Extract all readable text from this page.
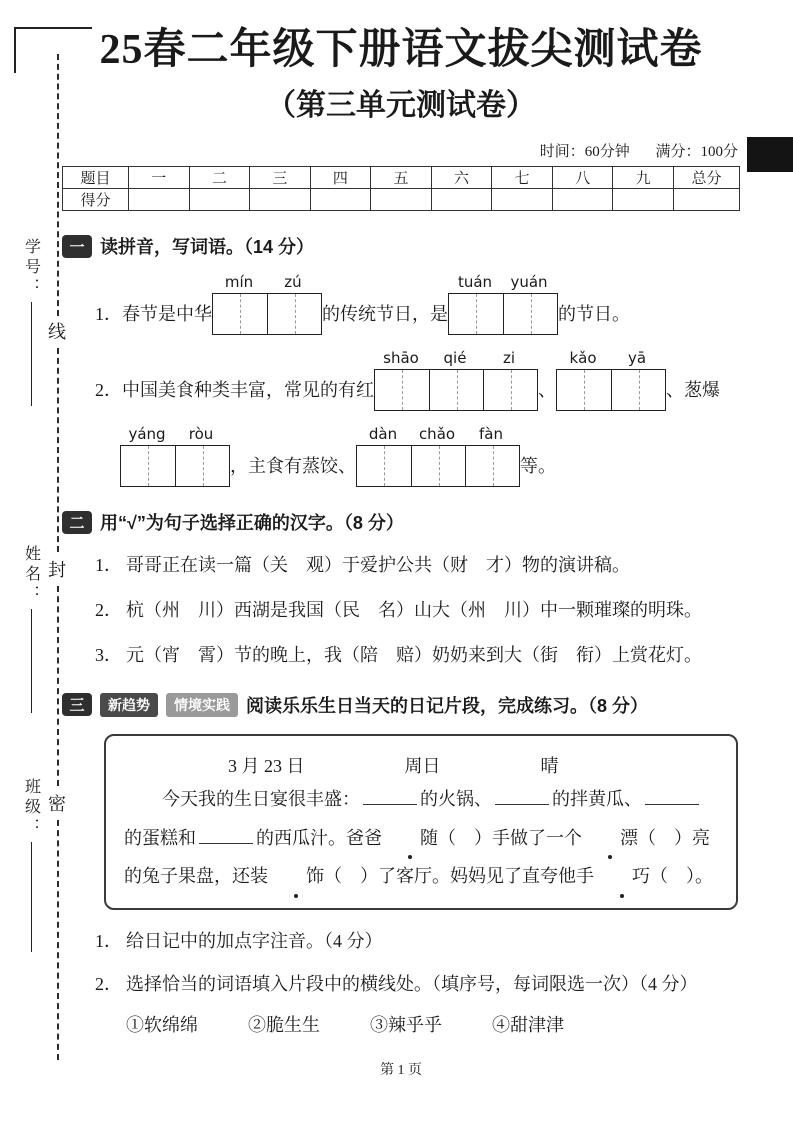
学号：
姓名：
班级：
线
封
密
25春二年级下册语文拔尖测试卷
（第三单元测试卷）
时间：60分钟 满分：100分
题目	一	二	三	四	五	六	七	八	九	总分
得分										
一 读拼音，写词语。（14 分）
1． 春节是中华
mín	zú
的传统节日，是
tuán	yuán
的节日。
2． 中国美食种类丰富，常见的有红
shāo	qié	zi
、
kǎo	yā
、葱爆
yáng	ròu
，主食有蒸饺、
dàn	chǎo	fàn
等。
二 用“√”为句子选择正确的汉字。（8 分）

1． 哥哥正在读一篇（关　观）于爱护公共（财　才）物的演讲稿。

2． 杭（州　川）西湖是我国（民　名）山大（州　川）中一颗璀璨的明珠。

3． 元（宵　霄）节的晚上，我（陪　赔）奶奶来到大（街　衔）上赏花灯。

三	新趋势	情境实践 阅读乐乐生日当天的日记片段，完成练习。（8 分）
3 月 23 日	周日	晴

今天我的生日宴很丰盛：	的火锅、	的拌黄瓜、的蛋糕和	的西瓜汁。爸爸 随（　）手做了一个 漂（　）亮的兔子果盘，还装 饰（　）了客厅。妈妈见了直夸他手 巧（　）。

1． 给日记中的加点字注音。（4 分）

2． 选择恰当的词语填入片段中的横线处。（填序号，每词限选一次）（4 分）

①软绵绵	②脆生生	③辣乎乎	④甜津津

第 1 页
